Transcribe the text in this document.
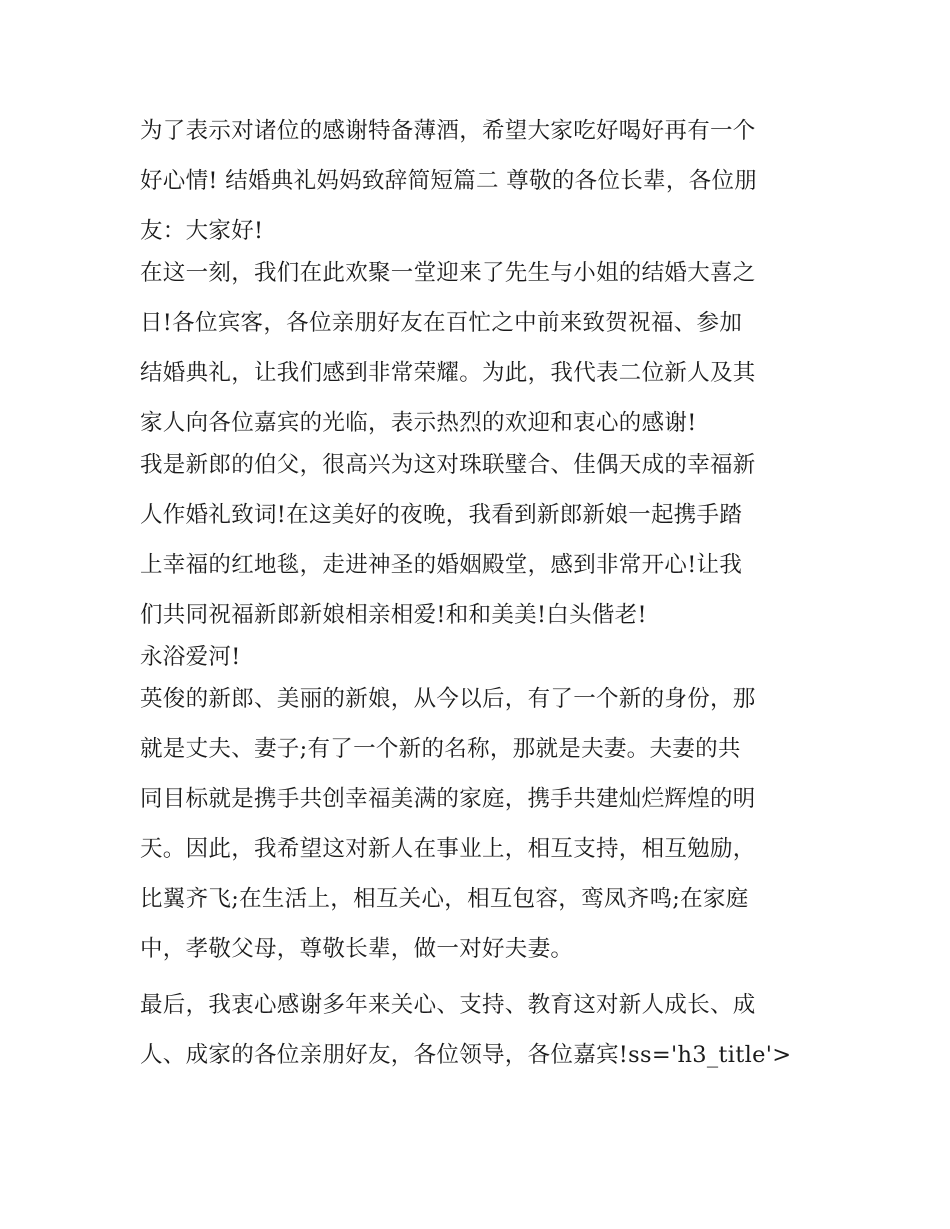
为了表示对诸位的感谢特备薄酒，希望大家吃好喝好再有一个
好心情! 结婚典礼妈妈致辞简短篇二 尊敬的各位长辈，各位朋
友：大家好!

在这一刻，我们在此欢聚一堂迎来了先生与小姐的结婚大喜之
日!各位宾客，各位亲朋好友在百忙之中前来致贺祝福、参加
结婚典礼，让我们感到非常荣耀。为此，我代表二位新人及其
家人向各位嘉宾的光临，表示热烈的欢迎和衷心的感谢!

我是新郎的伯父，很高兴为这对珠联璧合、佳偶天成的幸福新
人作婚礼致词!在这美好的夜晚，我看到新郎新娘一起携手踏
上幸福的红地毯，走进神圣的婚姻殿堂，感到非常开心!让我
们共同祝福新郎新娘相亲相爱!和和美美!白头偕老!

永浴爱河!

英俊的新郎、美丽的新娘，从今以后，有了一个新的身份，那
就是丈夫、妻子;有了一个新的名称，那就是夫妻。夫妻的共
同目标就是携手共创幸福美满的家庭，携手共建灿烂辉煌的明
天。因此，我希望这对新人在事业上，相互支持，相互勉励，
比翼齐飞;在生活上，相互关心，相互包容，鸾凤齐鸣;在家庭
中，孝敬父母，尊敬长辈，做一对好夫妻。

最后，我衷心感谢多年来关心、支持、教育这对新人成长、成
人、成家的各位亲朋好友，各位领导，各位嘉宾!ss='h3_title'>
